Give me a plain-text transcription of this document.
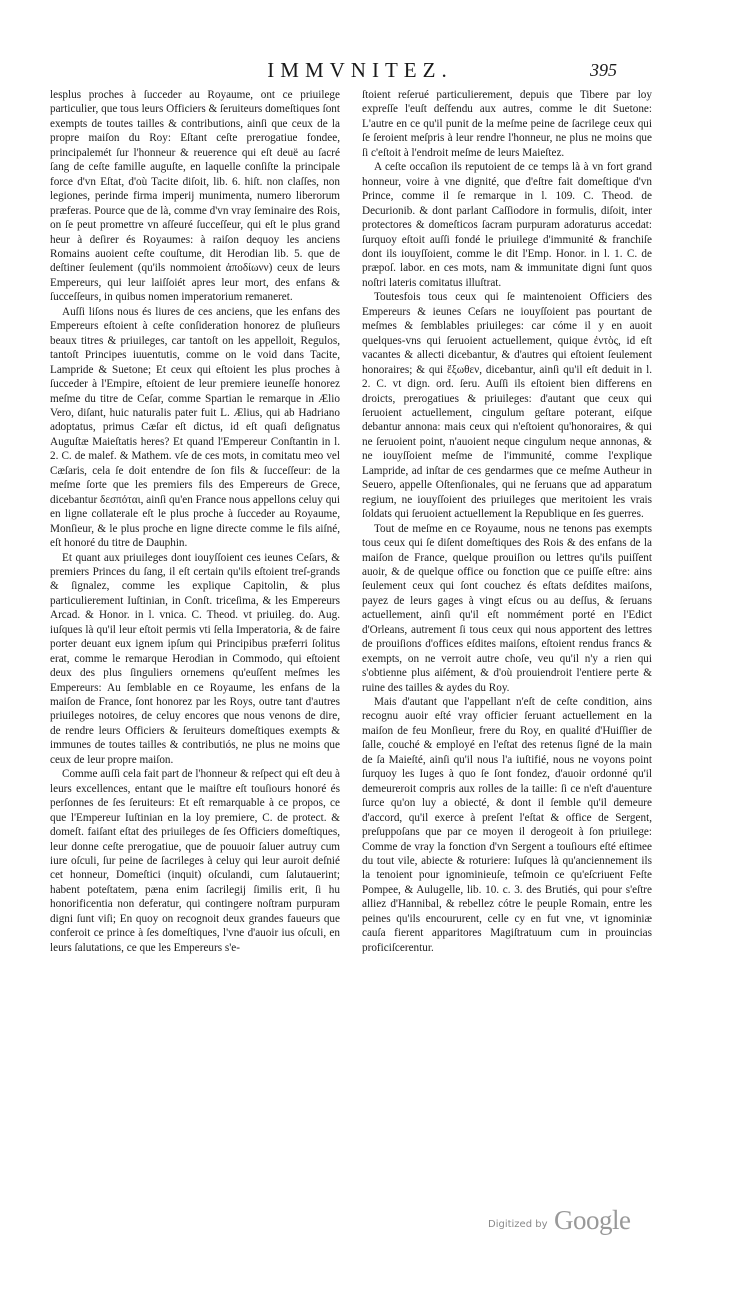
IMMVNITEZ.	395

lesplus proches à ſucceder au Royaume, ont ce priuilege particulier, que tous leurs Officiers & ſeruiteurs domeſtiques ſont exempts de toutes tailles & contributions, ainſi que ceux de la propre maiſon du Roy: Eſtant ceſte prerogatiue fondee, principalemét ſur l'honneur & reuerence qui eſt deuë au ſacré ſang de ceſte famille auguſte, en laquelle conſiſte la principale force d'vn Eſtat, d'où Tacite diſoit, lib. 6. hiſt. non claſſes, non legiones, perinde firma imperij munimenta, numero liberorum præferas. Pource que de là, comme d'vn vray ſeminaire des Rois, on ſe peut promettre vn aſſeuré ſucceſſeur, qui eſt le plus grand heur à deſirer és Royaumes: à raiſon dequoy les anciens Romains auoient ceſte couſtume, dit Herodian lib. 5. que de deſtiner ſeulement (qu'ils nommoient ἀποδίωνν) ceux de leurs Empereurs, qui leur laiſſoiét apres leur mort, des enfans & ſucceſſeurs, in quibus nomen imperatorium remaneret.

Auſſi liſons nous és liures de ces anciens, que les enfans des Empereurs eſtoient à ceſte conſideration honorez de pluſieurs beaux titres & priuileges, car tantoſt on les appelloit, Regulos, tantoſt Principes iuuentutis, comme on le void dans Tacite, Lampride & Suetone; Et ceux qui eſtoient les plus proches à ſucceder à l'Empire, eſtoient de leur premiere ieuneſſe honorez meſme du titre de Ceſar, comme Spartian le remarque in Ælio Vero, diſant, huic naturalis pater fuit L. Ælius, qui ab Hadriano adoptatus, primus Cæſar eſt dictus, id eſt quaſi deſignatus Auguſtæ Maieſtatis heres? Et quand l'Empereur Conſtantin in l. 2. C. de malef. & Mathem. vſe de ces mots, in comitatu meo vel Cæſaris, cela ſe doit entendre de ſon fils & ſucceſſeur: de la meſme ſorte que les premiers fils des Empereurs de Grece, dicebantur δεσπόται, ainſi qu'en France nous appellons celuy qui en ligne collaterale eſt le plus proche à ſucceder au Royaume, Monſieur, & le plus proche en ligne directe comme le fils aiſné, eſt honoré du titre de Dauphin.

Et quant aux priuileges dont iouyſſoient ces ieunes Ceſars, & premiers Princes du ſang, il eſt certain qu'ils eſtoient treſ-grands & ſignalez, comme les explique Capitolin, & plus particulierement Iuſtinian, in Conſt. triceſima, & les Empereurs Arcad. & Honor. in l. vnica. C. Theod. vt priuileg. do. Aug. iuſques là qu'il leur eſtoit permis vti ſella Imperatoria, & de faire porter deuant eux ignem ipſum qui Principibus præferri ſolitus erat, comme le remarque Herodian in Commodo, qui eſtoient deux des plus ſinguliers ornemens qu'euſſent meſmes les Empereurs: Au ſemblable en ce Royaume, les enfans de la maiſon de France, ſont honorez par les Roys, outre tant d'autres priuileges notoires, de celuy encores que nous venons de dire, de rendre leurs Officiers & ſeruiteurs domeſtiques exempts & immunes de toutes tailles & contributiós, ne plus ne moins que ceux de leur propre maiſon.

Comme auſſi cela fait part de l'honneur & reſpect qui eſt deu à leurs excellences, entant que le maiſtre eſt touſiours honoré és perſonnes de ſes ſeruiteurs: Et eſt remarquable à ce propos, ce que l'Empereur Iuſtinian en la loy premiere, C. de protect. & domeſt. faiſant eſtat des priuileges de ſes Officiers domeſtiques, leur donne ceſte prerogatiue, que de pouuoir ſaluer autruy cum iure oſculi, ſur peine de ſacrileges à celuy qui leur auroit deſnié cet honneur, Domeſtici (inquit) oſculandi, cum ſalutauerint; habent poteſtatem, pæna enim ſacrilegij ſimilis erit, ſi hu honorificentia non deferatur, qui contingere noſtram purpuram digni ſunt viſi; En quoy on recognoit deux grandes faueurs que conferoit ce prince à ſes domeſtiques, l'vne d'auoir ius oſculi, en leurs ſalutations, ce que les Empereurs s'e-

ſtoient reſerué particulierement, depuis que Tibere par loy expreſſe l'euſt deſfendu aux autres, comme le dit Suetone: L'autre en ce qu'il punit de la meſme peine de ſacrilege ceux qui ſe ſeroient meſpris à leur rendre l'honneur, ne plus ne moins que ſi c'eſtoit à l'endroit meſme de leurs Maieſtez.

A ceſte occaſion ils reputoient de ce temps là à vn fort grand honneur, voire à vne dignité, que d'eſtre fait domeſtique d'vn Prince, comme il ſe remarque in l. 109. C. Theod. de Decurionib. & dont parlant Caſſiodore in formulis, diſoit, inter protectores & domeſticos ſacram purpuram adoraturus accedat: ſurquoy eſtoit auſſi fondé le priuilege d'immunité & franchiſe dont ils iouyſſoient, comme le dit l'Emp. Honor. in l. 1. C. de præpoſ. labor. en ces mots, nam & immunitate digni ſunt quos noſtri lateris comitatus illuſtrat.

Toutesfois tous ceux qui ſe maintenoient Officiers des Empereurs & ieunes Ceſars ne iouyſſoient pas pourtant de meſmes & ſemblables priuileges: car cóme il y en auoit quelques-vns qui ſeruoient actuellement, quique ἐντὸς, id eſt vacantes & allecti dicebantur, & d'autres qui eſtoient ſeulement honoraires; & qui ἔξωθεν, dicebantur, ainſi qu'il eſt deduit in l. 2. C. vt dign. ord. ſeru. Auſſi ils eſtoient bien differens en droicts, prerogatiues & priuileges: d'autant que ceux qui ſeruoient actuellement, cingulum geſtare poterant, eiſque debantur annona: mais ceux qui n'eſtoient qu'honoraires, & qui ne ſeruoient point, n'auoient neque cingulum neque annonas, & ne iouyſſoient meſme de l'immunité, comme l'explique Lampride, ad inſtar de ces gendarmes que ce meſme Autheur in Seuero, appelle Oſtenſionales, qui ne ſeruans que ad apparatum regium, ne iouyſſoient des priuileges que meritoient les vrais ſoldats qui ſeruoient actuellement la Republique en ſes guerres.

Tout de meſme en ce Royaume, nous ne tenons pas exempts tous ceux qui ſe diſent domeſtiques des Rois & des enfans de la maiſon de France, quelque prouiſion ou lettres qu'ils puiſſent auoir, & de quelque office ou fonction que ce puiſſe eſtre: ains ſeulement ceux qui ſont couchez és eſtats deſdites maiſons, payez de leurs gages à vingt eſcus ou au deſſus, & ſeruans actuellement, ainſi qu'il eſt nommément porté en l'Edict d'Orleans, autrement ſi tous ceux qui nous apportent des lettres de prouiſions d'offices eſdites maiſons, eſtoient rendus francs & exempts, on ne verroit autre choſe, veu qu'il n'y a rien qui s'obtienne plus aiſément, & d'où prouiendroit l'entiere perte & ruine des tailles & aydes du Roy.

Mais d'autant que l'appellant n'eſt de ceſte condition, ains recognu auoir eſté vray officier ſeruant actuellement en la maiſon de feu Monſieur, frere du Roy, en qualité d'Huiſſier de ſalle, couché & employé en l'eſtat des retenus ſigné de la main de ſa Maieſté, ainſi qu'il nous l'a iuſtifié, nous ne voyons point ſurquoy les Iuges à quo ſe ſont fondez, d'auoir ordonné qu'il demeureroit compris aux rolles de la taille: ſi ce n'eſt d'auenture ſurce qu'on luy a obiecté, & dont il ſemble qu'il demeure d'accord, qu'il exerce à preſent l'eſtat & office de Sergent, preſuppoſans que par ce moyen il derogeoit à ſon priuilege: Comme de vray la fonction d'vn Sergent a touſiours eſté eſtimee du tout vile, abiecte & roturiere: Iuſques là qu'anciennement ils la tenoient pour ignominieuſe, teſmoin ce qu'eſcriuent Feſte Pompee, & Aulugelle, lib. 10. c. 3. des Brutiés, qui pour s'eſtre alliez d'Hannibal, & rebellez cótre le peuple Romain, entre les peines qu'ils encoururent, celle cy en fut vne, vt ignominiæ cauſa fierent apparitores Magiſtratuum cum in prouincias proficiſcerentur.

Digitized by Google
